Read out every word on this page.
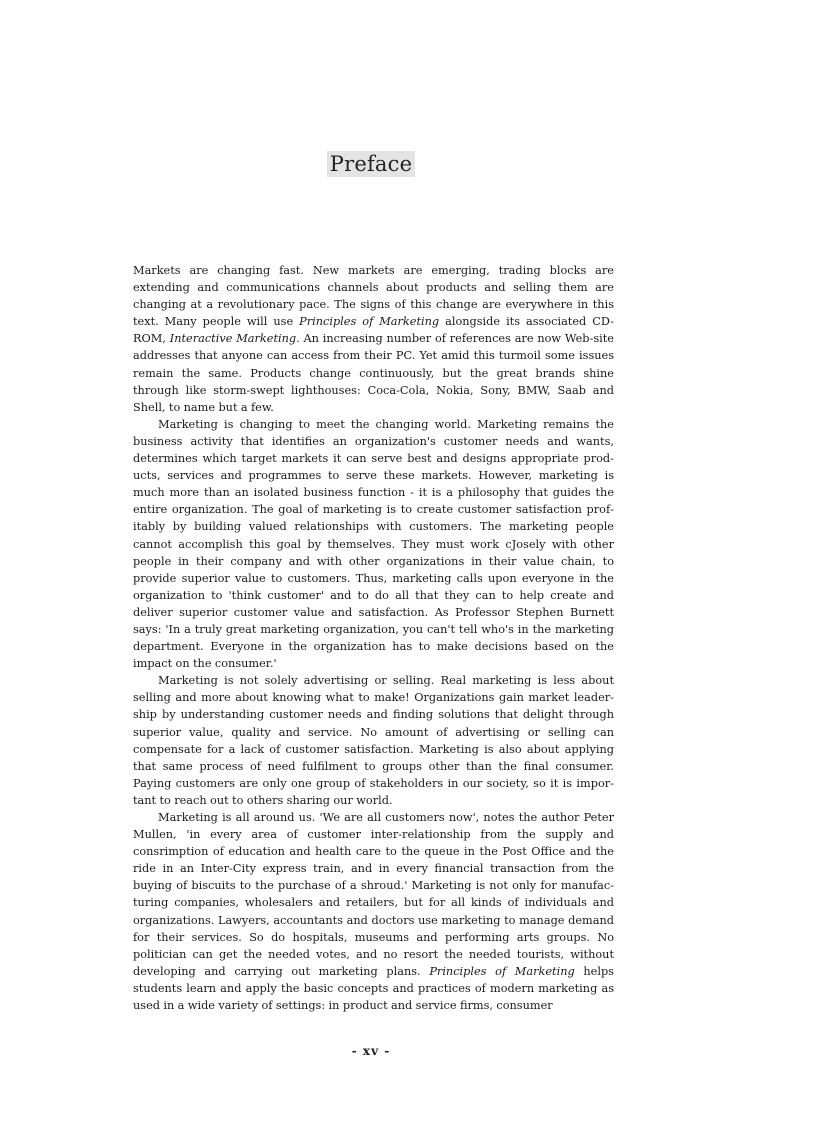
Preface

Markets are changing fast. New markets are emerging, trading blocks are extending and communications channels about products and selling them are changing at a revolutionary pace. The signs of this change are everywhere in this text. Many people will use Principles of Marketing alongside its associated CD-ROM, Interactive Marketing. An increasing number of references are now Web-site addresses that anyone can access from their PC. Yet amid this turmoil some issues remain the same. Products change continuously, but the great brands shine through like storm-swept lighthouses: Coca-Cola, Nokia, Sony, BMW, Saab and Shell, to name but a few.

Marketing is changing to meet the changing world. Marketing remains the business activity that identifies an organization's customer needs and wants, determines which target markets it can serve best and designs appropriate products, services and programmes to serve these markets. However, marketing is much more than an isolated business function - it is a philosophy that guides the entire organization. The goal of marketing is to create customer satisfaction profitably by building valued relationships with customers. The marketing people cannot accomplish this goal by themselves. They must work cJosely with other people in their company and with other organizations in their value chain, to provide superior value to customers. Thus, marketing calls upon everyone in the organization to 'think customer' and to do all that they can to help create and deliver superior customer value and satisfaction. As Professor Stephen Burnett says: 'In a truly great marketing organization, you can't tell who's in the marketing department. Everyone in the organization has to make decisions based on the impact on the consumer.'

Marketing is not solely advertising or selling. Real marketing is less about selling and more about knowing what to make! Organizations gain market leadership by understanding customer needs and finding solutions that delight through superior value, quality and service. No amount of advertising or selling can compensate for a lack of customer satisfaction. Marketing is also about applying that same process of need fulfilment to groups other than the final consumer. Paying customers are only one group of stakeholders in our society, so it is important to reach out to others sharing our world.

Marketing is all around us. 'We are all customers now', notes the author Peter Mullen, 'in every area of customer inter-relationship from the supply and consrimption of education and health care to the queue in the Post Office and the ride in an Inter-City express train, and in every financial transaction from the buying of biscuits to the purchase of a shroud.' Marketing is not only for manufacturing companies, wholesalers and retailers, but for all kinds of individuals and organizations. Lawyers, accountants and doctors use marketing to manage demand for their services. So do hospitals, museums and performing arts groups. No politician can get the needed votes, and no resort the needed tourists, without developing and carrying out marketing plans. Principles of Marketing helps students learn and apply the basic concepts and practices of modern marketing as used in a wide variety of settings: in product and service firms, consumer

- xv -
